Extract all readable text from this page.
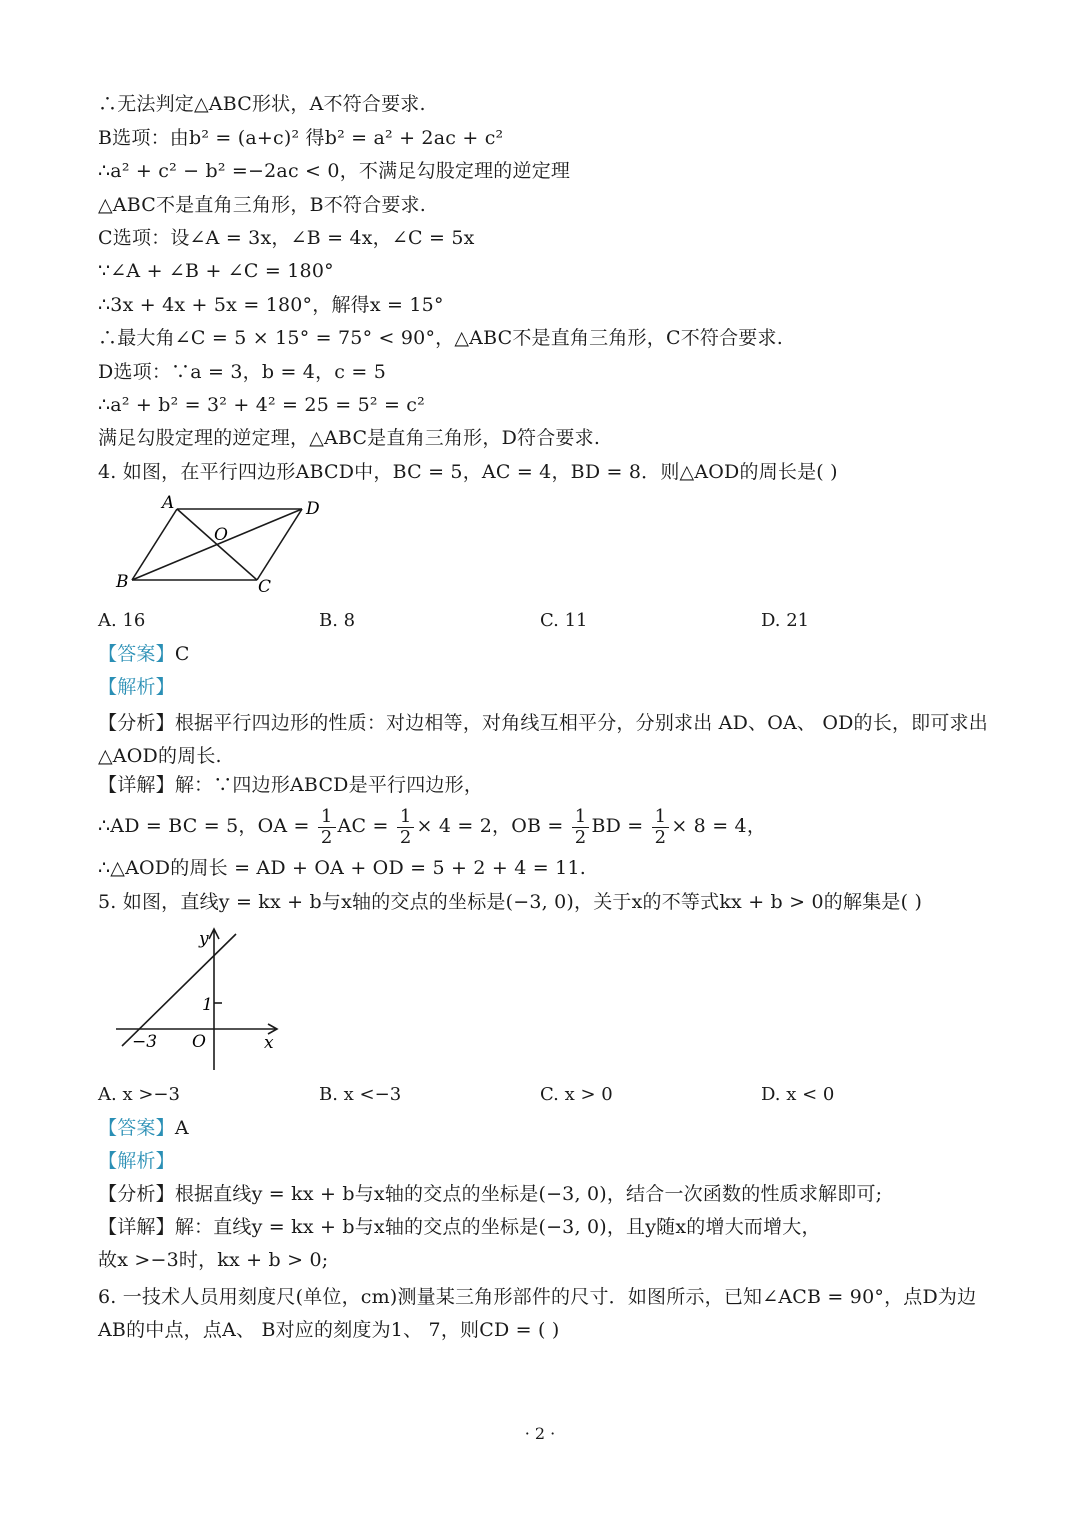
∴无法判定△ABC形状，A不符合要求.
B选项：由b² = (a+c)² 得b² = a² + 2ac + c²
∴a² + c² − b² =−2ac < 0，不满足勾股定理的逆定理
△ABC不是直角三角形，B不符合要求.
C选项：设∠A = 3x，∠B = 4x，∠C = 5x
∵∠A + ∠B + ∠C = 180°
∴3x + 4x + 5x = 180°，解得x = 15°
∴最大角∠C = 5 × 15° = 75° < 90°，△ABC不是直角三角形，C不符合要求.
D选项：∵a = 3，b = 4，c = 5
∴a² + b² = 3² + 4² = 25 = 5² = c²
满足勾股定理的逆定理，△ABC是直角三角形，D符合要求.
4. 如图，在平行四边形ABCD中，BC = 5，AC = 4，BD = 8．则△AOD的周长是( )
A	D
B	C
O
A. 16	B. 8	C. 11	D. 21
【答案】C
【解析】
【分析】根据平行四边形的性质：对边相等，对角线互相平分，分别求出 AD、OA、 OD的长，即可求出△AOD的周长.
【详解】解：∵四边形ABCD是平行四边形，
∴AD = BC = 5，OA = $\frac{1}{2}$ AC = $\frac{1}{2} \times 4 = 2$，OB = $\frac{1}{2}$ BD = $\frac{1}{2} \times 8 = 4$，
∴△AOD的周长 = AD + OA + OD = 5 + 2 + 4 = 11.
5. 如图，直线y = kx + b与x轴的交点的坐标是(−3, 0)，关于x的不等式kx + b > 0的解集是( )
y
x
O
1
−3
A. x >−3	B. x <−3	C. x > 0	D. x < 0
【答案】A
【解析】
【分析】根据直线y = kx + b与x轴的交点的坐标是(−3, 0)，结合一次函数的性质求解即可;
【详解】解：直线y = kx + b与x轴的交点的坐标是(−3, 0)，且y随x的增大而增大，
故x >−3时，kx + b > 0;
6. 一技术人员用刻度尺(单位，cm)测量某三角形部件的尺寸．如图所示，已知∠ACB = 90°，点D为边AB的中点，点A、 B对应的刻度为1、 7，则CD = ( )
· 2 ·
